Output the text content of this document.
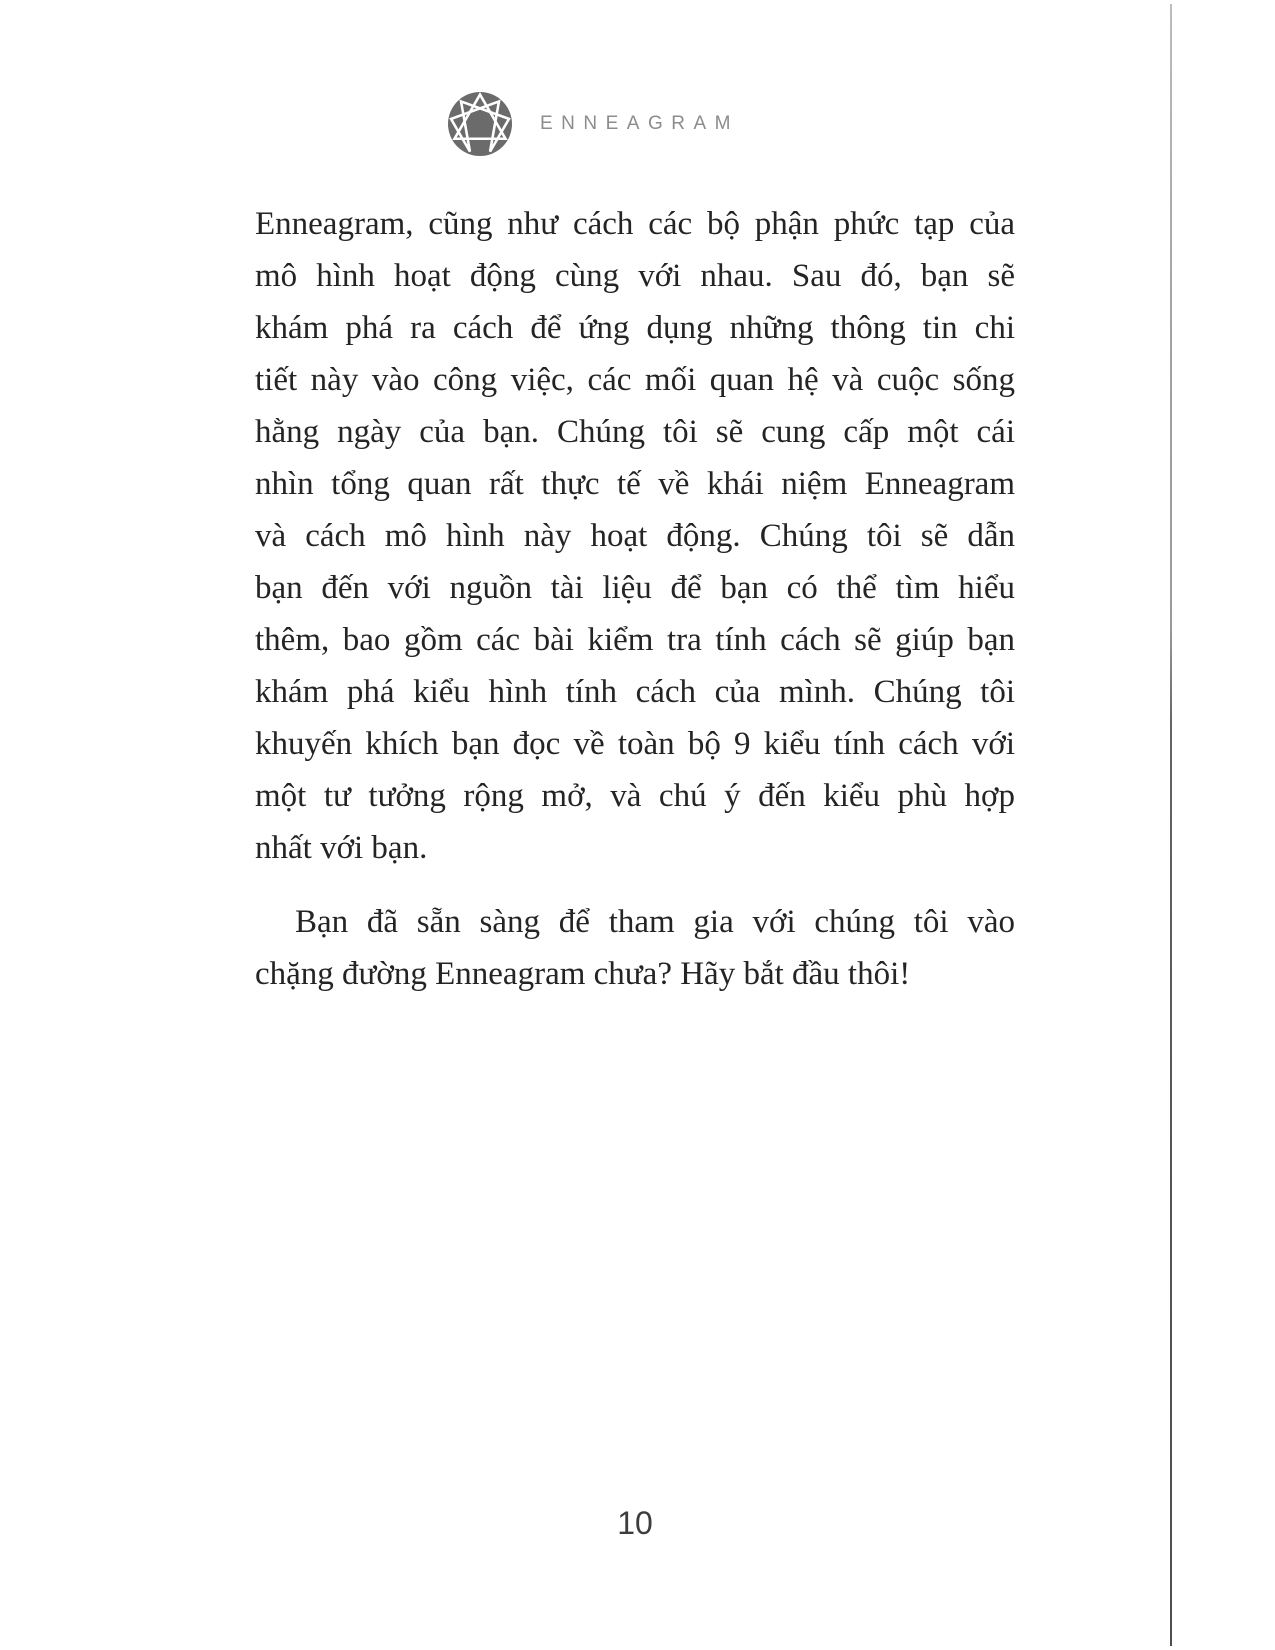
ENNEAGRAM

Enneagram, cũng như cách các bộ phận phức tạp của
mô hình hoạt động cùng với nhau. Sau đó, bạn sẽ
khám phá ra cách để ứng dụng những thông tin chi
tiết này vào công việc, các mối quan hệ và cuộc sống
hằng ngày của bạn. Chúng tôi sẽ cung cấp một cái
nhìn tổng quan rất thực tế về khái niệm Enneagram
và cách mô hình này hoạt động. Chúng tôi sẽ dẫn
bạn đến với nguồn tài liệu để bạn có thể tìm hiểu
thêm, bao gồm các bài kiểm tra tính cách sẽ giúp bạn
khám phá kiểu hình tính cách của mình. Chúng tôi
khuyến khích bạn đọc về toàn bộ 9 kiểu tính cách với
một tư tưởng rộng mở, và chú ý đến kiểu phù hợp
nhất với bạn.

Bạn đã sẵn sàng để tham gia với chúng tôi vào
chặng đường Enneagram chưa? Hãy bắt đầu thôi!

10
